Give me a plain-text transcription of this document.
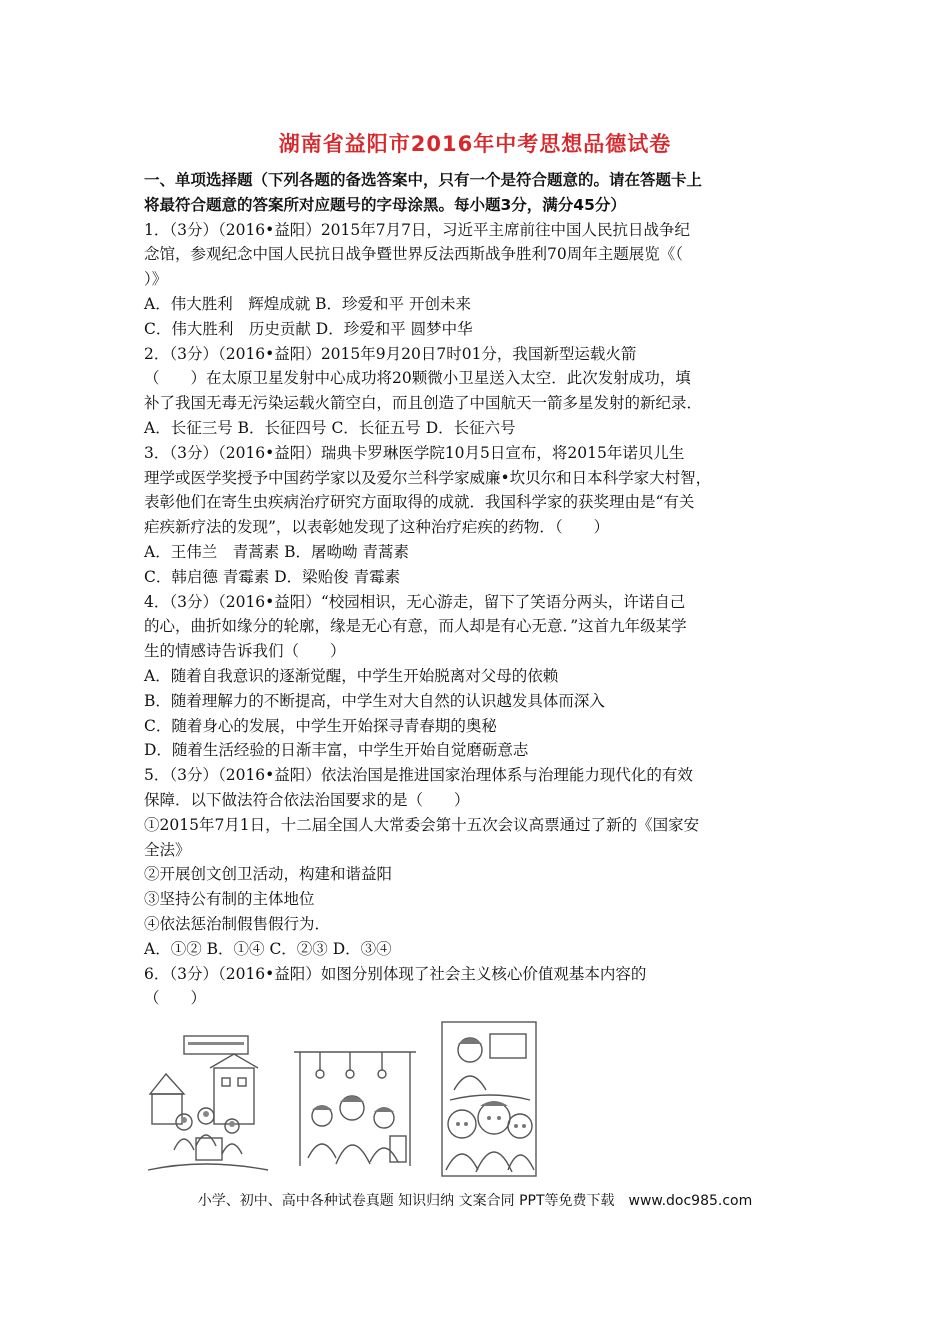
湖南省益阳市2016年中考思想品德试卷

一、单项选择题（下列各题的备选答案中，只有一个是符合题意的。请在答题卡上

将最符合题意的答案所对应题号的字母涂黑。每小题3分，满分45分）

1．（3分）（2016•益阳）2015年7月7日，习近平主席前往中国人民抗日战争纪

念馆，参观纪念中国人民抗日战争暨世界反法西斯战争胜利70周年主题展览《（

）》

A．伟大胜利　辉煌成就 B．珍爱和平 开创未来

C．伟大胜利　历史贡献 D．珍爱和平 圆梦中华

2．（3分）（2016•益阳）2015年9月20日7时01分，我国新型运载火箭

（　　）在太原卫星发射中心成功将20颗微小卫星送入太空．此次发射成功，填

补了我国无毒无污染运载火箭空白，而且创造了中国航天一箭多星发射的新纪录．

A．长征三号 B．长征四号 C．长征五号 D．长征六号

3．（3分）（2016•益阳）瑞典卡罗琳医学院10月5日宣布，将2015年诺贝儿生

理学或医学奖授予中国药学家以及爱尔兰科学家威廉•坎贝尔和日本科学家大村智，

表彰他们在寄生虫疾病治疗研究方面取得的成就．我国科学家的获奖理由是“有关

疟疾新疗法的发现”，以表彰她发现了这种治疗疟疾的药物．（　　）

A．王伟兰　青蒿素 B．屠呦呦 青蒿素

C．韩启德 青霉素 D．梁贻俊 青霉素

4．（3分）（2016•益阳）“校园相识，无心游走，留下了笑语分两头，许诺自己

的心，曲折如缘分的轮廓，缘是无心有意，而人却是有心无意．”这首九年级某学

生的情感诗告诉我们（　　）

A．随着自我意识的逐渐觉醒，中学生开始脱离对父母的依赖

B．随着理解力的不断提高，中学生对大自然的认识越发具体而深入

C．随着身心的发展，中学生开始探寻青春期的奥秘

D．随着生活经验的日渐丰富，中学生开始自觉磨砺意志

5．（3分）（2016•益阳）依法治国是推进国家治理体系与治理能力现代化的有效

保障．以下做法符合依法治国要求的是（　　）

①2015年7月1日，十二届全国人大常委会第十五次会议高票通过了新的《国家安

全法》

②开展创文创卫活动，构建和谐益阳

③坚持公有制的主体地位

④依法惩治制假售假行为．

A．①② B．①④ C．②③ D．③④

6．（3分）（2016•益阳）如图分别体现了社会主义核心价值观基本内容的

（　　）

小学、初中、高中各种试卷真题 知识归纳 文案合同 PPT等免费下载　www.doc985.com
